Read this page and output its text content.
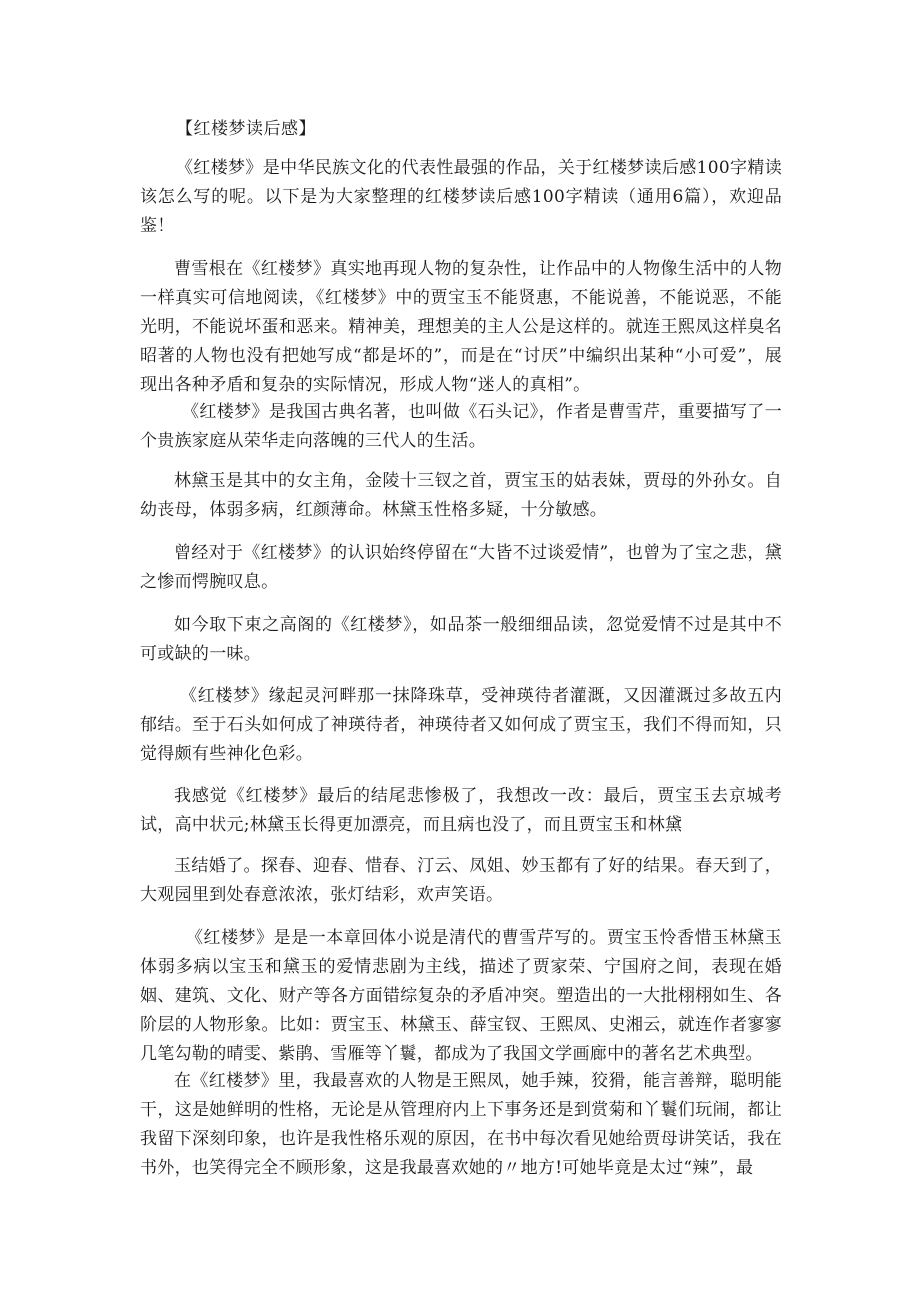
【红楼梦读后感】

《红楼梦》是中华民族文化的代表性最强的作品，关于红楼梦读后感100字精读该怎么写的呢。以下是为大家整理的红楼梦读后感100字精读（通用6篇），欢迎品鉴！

曹雪根在《红楼梦》真实地再现人物的复杂性，让作品中的人物像生活中的人物一样真实可信地阅读，《红楼梦》中的贾宝玉不能贤惠，不能说善，不能说恶，不能光明，不能说坏蛋和恶来。精神美，理想美的主人公是这样的。就连王熙凤这样臭名昭著的人物也没有把她写成“都是坏的”，而是在“讨厌”中编织出某种“小可爱”，展现出各种矛盾和复杂的实际情况，形成人物“迷人的真相”。

《红楼梦》是我国古典名著，也叫做《石头记》，作者是曹雪芹，重要描写了一个贵族家庭从荣华走向落魄的三代人的生活。

林黛玉是其中的女主角，金陵十三钗之首，贾宝玉的姑表妹，贾母的外孙女。自幼丧母，体弱多病，红颜薄命。林黛玉性格多疑，十分敏感。

曾经对于《红楼梦》的认识始终停留在“大皆不过谈爱情”，也曾为了宝之悲，黛之惨而愕腕叹息。

如今取下束之高阁的《红楼梦》，如品茶一般细细品读，忽觉爱情不过是其中不可或缺的一味。

《红楼梦》缘起灵河畔那一抹降珠草，受神瑛待者灌溉，又因灌溉过多故五内郁结。至于石头如何成了神瑛待者，神瑛待者又如何成了贾宝玉，我们不得而知，只觉得颇有些神化色彩。

我感觉《红楼梦》最后的结尾悲惨极了，我想改一改：最后，贾宝玉去京城考试，高中状元;林黛玉长得更加漂亮，而且病也没了，而且贾宝玉和林黛

玉结婚了。探春、迎春、惜春、汀云、凤姐、妙玉都有了好的结果。春天到了，大观园里到处春意浓浓，张灯结彩，欢声笑语。

《红楼梦》是是一本章回体小说是清代的曹雪芹写的。贾宝玉怜香惜玉林黛玉体弱多病以宝玉和黛玉的爱情悲剧为主线，描述了贾家荣、宁国府之间，表现在婚姻、建筑、文化、财产等各方面错综复杂的矛盾冲突。塑造出的一大批栩栩如生、各阶层的人物形象。比如：贾宝玉、林黛玉、薛宝钗、王熙凤、史湘云，就连作者寥寥几笔勾勒的晴雯、紫鹃、雪雁等丫鬟，都成为了我国文学画廊中的著名艺术典型。

在《红楼梦》里，我最喜欢的人物是王熙凤，她手辣，狡猾，能言善辩，聪明能干，这是她鲜明的性格，无论是从管理府内上下事务还是到赏菊和丫鬟们玩闹，都让我留下深刻印象，也许是我性格乐观的原因，在书中每次看见她给贾母讲笑话，我在书外，也笑得完全不顾形象，这是我最喜欢她的〃地方!可她毕竟是太过“辣”，最
